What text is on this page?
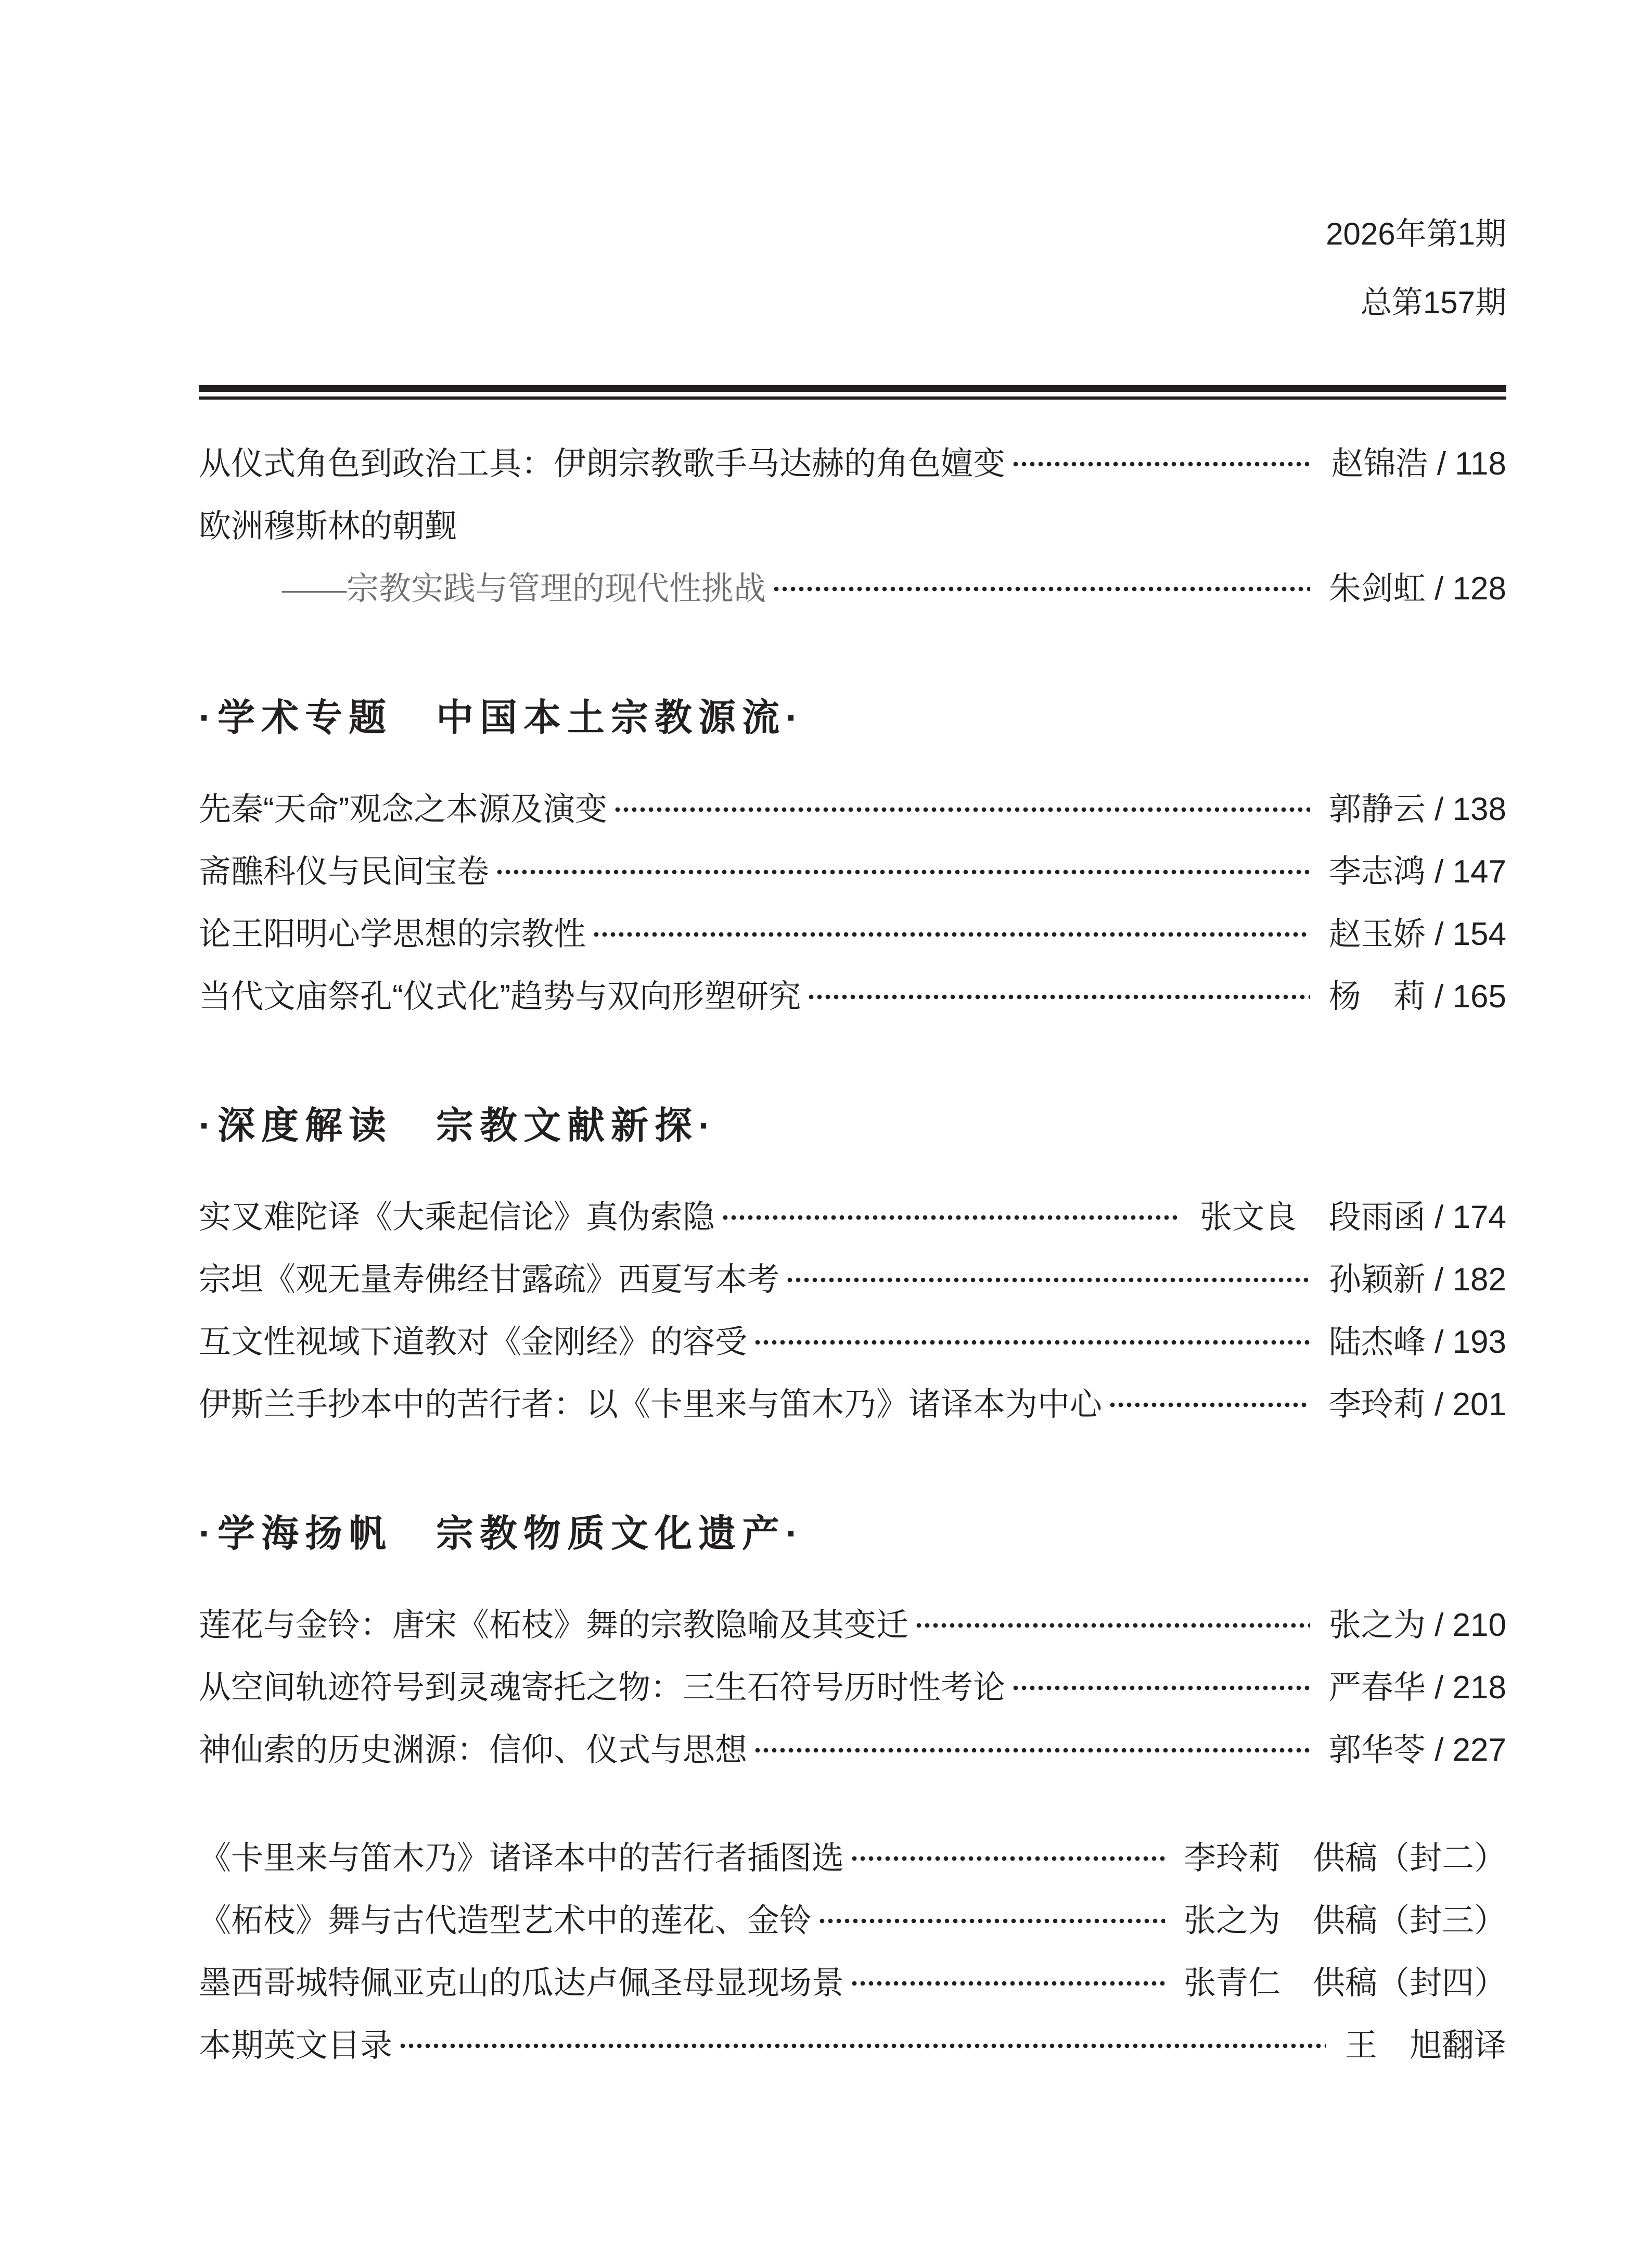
2026年第1期
总第157期
从仪式角色到政治工具：伊朗宗教歌手马达赫的角色嬗变	赵锦浩 / 118
欧洲穆斯林的朝觐
——宗教实践与管理的现代性挑战	朱剑虹 / 128
·学术专题　中国本土宗教源流·
先秦“天命”观念之本源及演变	郭静云 / 138
斋醮科仪与民间宝卷	李志鸿 / 147
论王阳明心学思想的宗教性	赵玉娇 / 154
当代文庙祭孔“仪式化”趋势与双向形塑研究	杨　莉 / 165
·深度解读　宗教文献新探·
实叉难陀译《大乘起信论》真伪索隐	张文良　段雨函 / 174
宗坦《观无量寿佛经甘露疏》西夏写本考	孙颖新 / 182
互文性视域下道教对《金刚经》的容受	陆杰峰 / 193
伊斯兰手抄本中的苦行者：以《卡里来与笛木乃》诸译本为中心	李玲莉 / 201
·学海扬帆　宗教物质文化遗产·
莲花与金铃：唐宋《柘枝》舞的宗教隐喻及其变迁	张之为 / 210
从空间轨迹符号到灵魂寄托之物：三生石符号历时性考论	严春华 / 218
神仙索的历史渊源：信仰、仪式与思想	郭华苓 / 227
《卡里来与笛木乃》诸译本中的苦行者插图选	李玲莉　供稿（封二）
《柘枝》舞与古代造型艺术中的莲花、金铃	张之为　供稿（封三）
墨西哥城特佩亚克山的瓜达卢佩圣母显现场景	张青仁　供稿（封四）
本期英文目录	王　旭翻译
